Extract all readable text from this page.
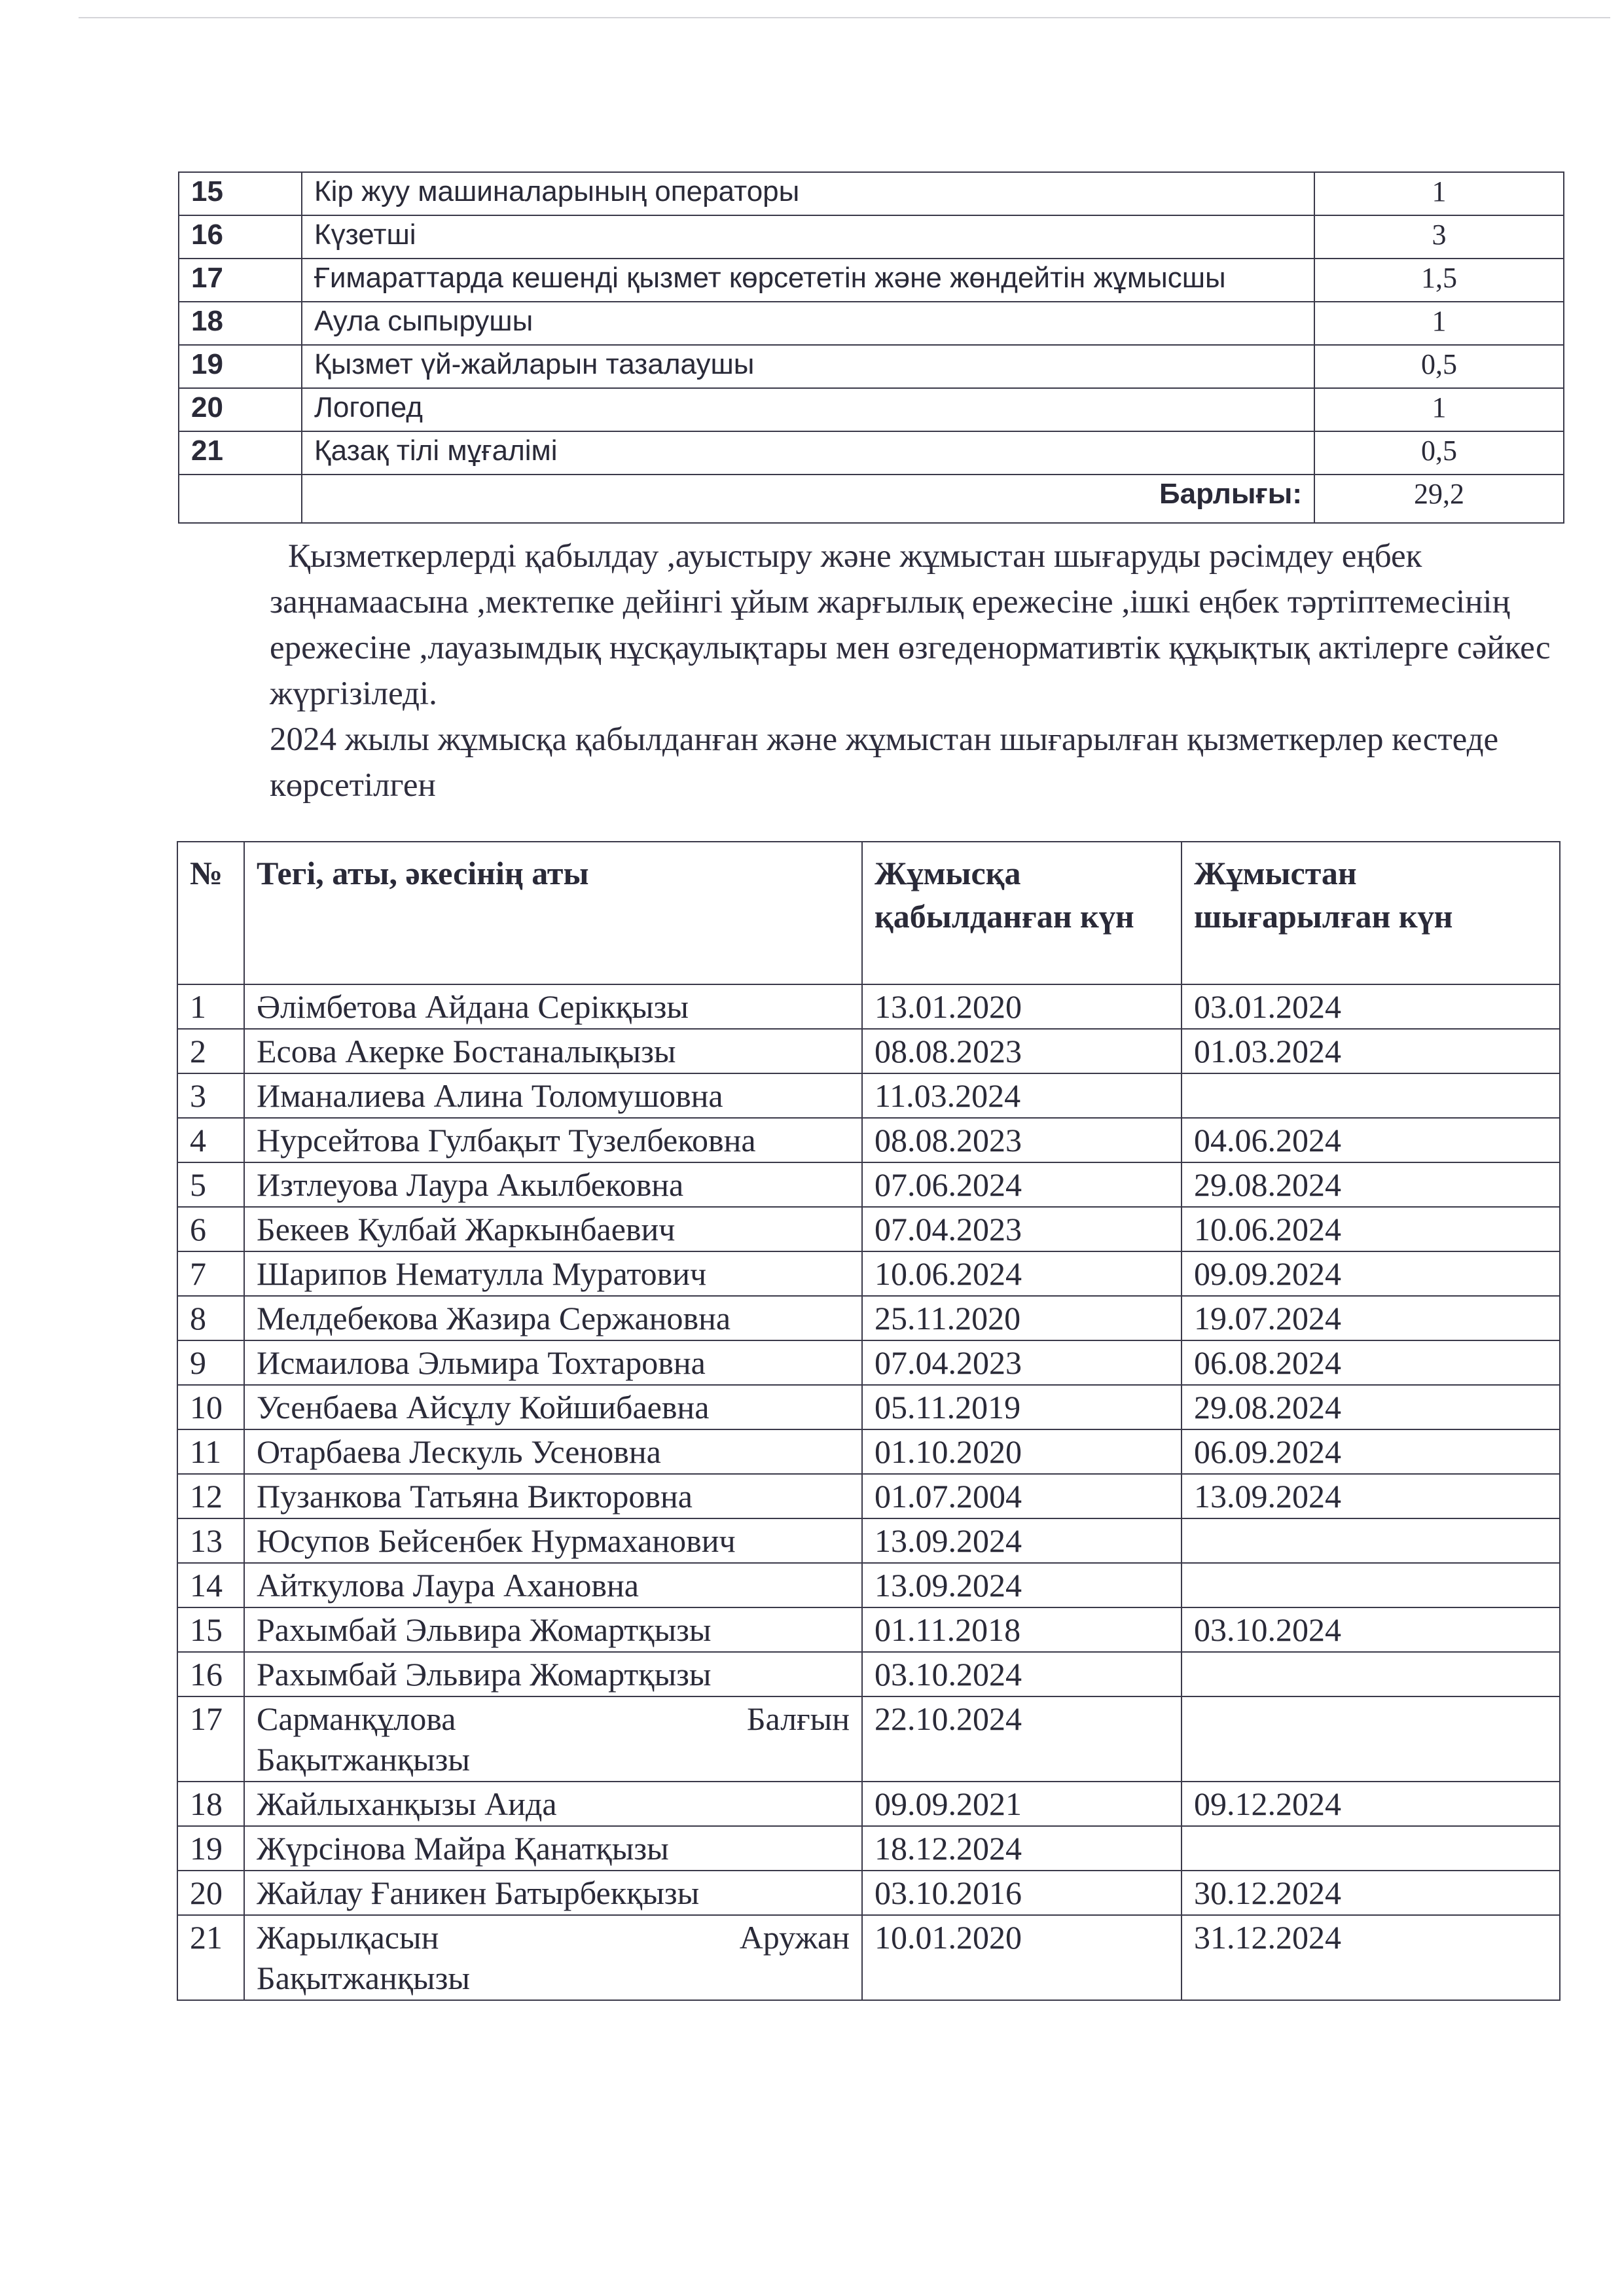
15	Кір жуу машиналарының операторы	1
16	Күзетші	3
17	Ғимараттарда кешенді қызмет көрсететін және жөндейтін жұмысшы	1,5
18	Аула сыпырушы	1
19	Қызмет үй-жайларын тазалаушы	0,5
20	Логопед	1
21	Қазақ тілі мұғалімі	0,5
	Барлығы:	29,2

Қызметкерлерді қабылдау ,ауыстыру және жұмыстан шығаруды рәсімдеу еңбек заңнамаасына ,мектепке дейінгі ұйым жарғылық ережесіне ,ішкі еңбек тәртіптемесінің ережесіне ,лауазымдық нұсқаулықтары мен өзгеденормативтік құқықтық актілерге сәйкес жүргізіледі.

2024 жылы жұмысқа қабылданған және жұмыстан шығарылған қызметкерлер кестеде көрсетілген

№	Тегі, аты, әкесінің аты	Жұмысқа қабылданған күн	Жұмыстан шығарылған күн
1	Әлімбетова Айдана Серікқызы	13.01.2020	03.01.2024
2	Есова Акерке Бостаналықызы	08.08.2023	01.03.2024
3	Иманалиева Алина Толомушовна	11.03.2024	
4	Нурсейтова Гулбақыт Тузелбековна	08.08.2023	04.06.2024
5	Изтлеуова Лаура Акылбековна	07.06.2024	29.08.2024
6	Бекеев Кулбай Жаркынбаевич	07.04.2023	10.06.2024
7	Шарипов Нематулла Муратович	10.06.2024	09.09.2024
8	Мелдебекова Жазира Сержановна	25.11.2020	19.07.2024
9	Исмаилова Эльмира Тохтаровна	07.04.2023	06.08.2024
10	Усенбаева Айсұлу Койшибаевна	05.11.2019	29.08.2024
11	Отарбаева Лескуль Усеновна	01.10.2020	06.09.2024
12	Пузанкова Татьяна Викторовна	01.07.2004	13.09.2024
13	Юсупов Бейсенбек Нурмаханович	13.09.2024	
14	Айткулова Лаура Ахановна	13.09.2024	
15	Рахымбай Эльвира Жомартқызы	01.11.2018	03.10.2024
16	Рахымбай Эльвира Жомартқызы	03.10.2024	
17	Сарманқұлова Балғын
Бақытжанқызы	22.10.2024	
18	Жайлыханқызы Аида	09.09.2021	09.12.2024
19	Жүрсінова Майра Қанатқызы	18.12.2024	
20	Жайлау Ғаникен Батырбекқызы	03.10.2016	30.12.2024
21	Жарылқасын Аружан
Бақытжанқызы	10.01.2020	31.12.2024
